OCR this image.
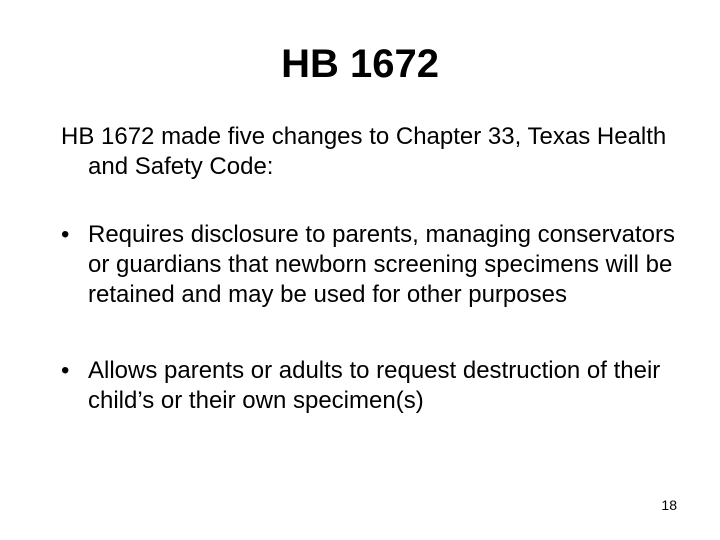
HB 1672

HB 1672 made five changes to Chapter 33, Texas Health and Safety Code:

• Requires disclosure to parents, managing conservators or guardians that newborn screening specimens will be retained and may be used for other purposes
• Allows parents or adults to request destruction of their child’s or their own specimen(s)
18
